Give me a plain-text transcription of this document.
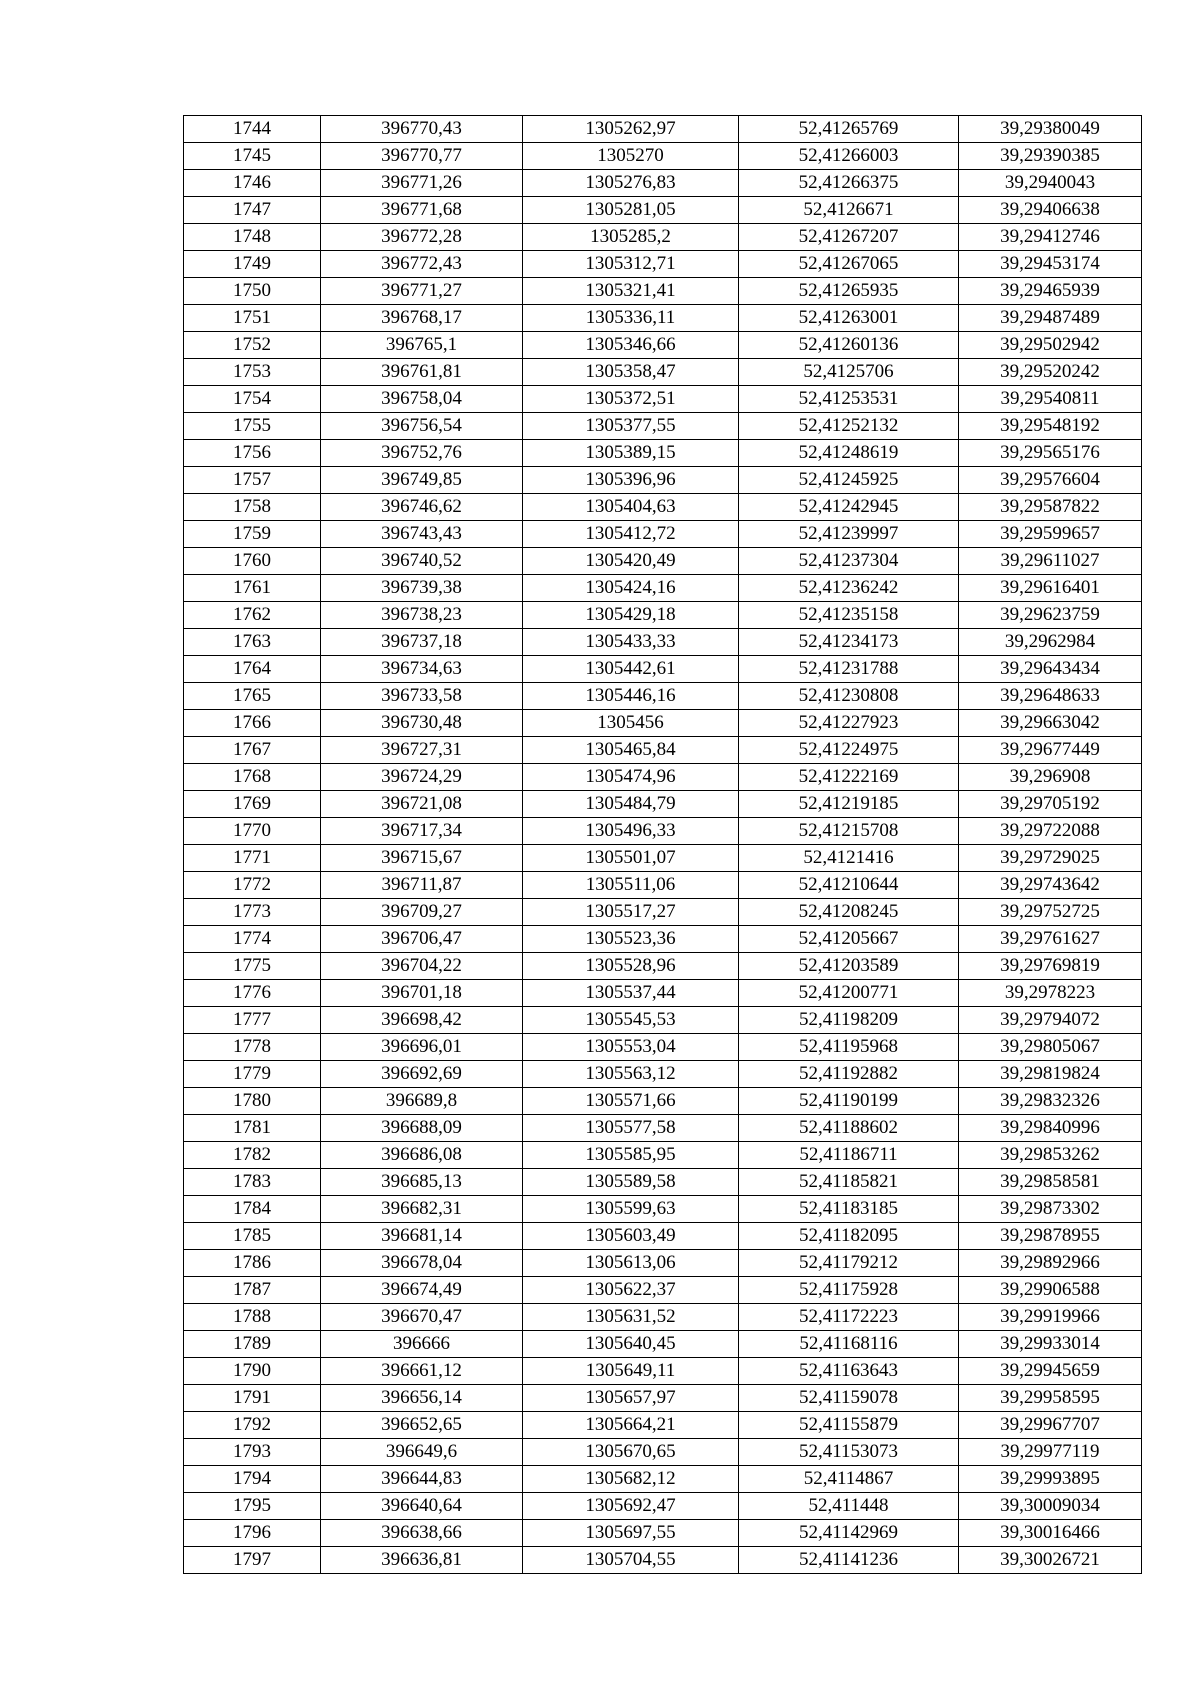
1744	396770,43	1305262,97	52,41265769	39,29380049
1745	396770,77	1305270	52,41266003	39,29390385
1746	396771,26	1305276,83	52,41266375	39,2940043
1747	396771,68	1305281,05	52,4126671	39,29406638
1748	396772,28	1305285,2	52,41267207	39,29412746
1749	396772,43	1305312,71	52,41267065	39,29453174
1750	396771,27	1305321,41	52,41265935	39,29465939
1751	396768,17	1305336,11	52,41263001	39,29487489
1752	396765,1	1305346,66	52,41260136	39,29502942
1753	396761,81	1305358,47	52,4125706	39,29520242
1754	396758,04	1305372,51	52,41253531	39,29540811
1755	396756,54	1305377,55	52,41252132	39,29548192
1756	396752,76	1305389,15	52,41248619	39,29565176
1757	396749,85	1305396,96	52,41245925	39,29576604
1758	396746,62	1305404,63	52,41242945	39,29587822
1759	396743,43	1305412,72	52,41239997	39,29599657
1760	396740,52	1305420,49	52,41237304	39,29611027
1761	396739,38	1305424,16	52,41236242	39,29616401
1762	396738,23	1305429,18	52,41235158	39,29623759
1763	396737,18	1305433,33	52,41234173	39,2962984
1764	396734,63	1305442,61	52,41231788	39,29643434
1765	396733,58	1305446,16	52,41230808	39,29648633
1766	396730,48	1305456	52,41227923	39,29663042
1767	396727,31	1305465,84	52,41224975	39,29677449
1768	396724,29	1305474,96	52,41222169	39,296908
1769	396721,08	1305484,79	52,41219185	39,29705192
1770	396717,34	1305496,33	52,41215708	39,29722088
1771	396715,67	1305501,07	52,4121416	39,29729025
1772	396711,87	1305511,06	52,41210644	39,29743642
1773	396709,27	1305517,27	52,41208245	39,29752725
1774	396706,47	1305523,36	52,41205667	39,29761627
1775	396704,22	1305528,96	52,41203589	39,29769819
1776	396701,18	1305537,44	52,41200771	39,2978223
1777	396698,42	1305545,53	52,41198209	39,29794072
1778	396696,01	1305553,04	52,41195968	39,29805067
1779	396692,69	1305563,12	52,41192882	39,29819824
1780	396689,8	1305571,66	52,41190199	39,29832326
1781	396688,09	1305577,58	52,41188602	39,29840996
1782	396686,08	1305585,95	52,41186711	39,29853262
1783	396685,13	1305589,58	52,41185821	39,29858581
1784	396682,31	1305599,63	52,41183185	39,29873302
1785	396681,14	1305603,49	52,41182095	39,29878955
1786	396678,04	1305613,06	52,41179212	39,29892966
1787	396674,49	1305622,37	52,41175928	39,29906588
1788	396670,47	1305631,52	52,41172223	39,29919966
1789	396666	1305640,45	52,41168116	39,29933014
1790	396661,12	1305649,11	52,41163643	39,29945659
1791	396656,14	1305657,97	52,41159078	39,29958595
1792	396652,65	1305664,21	52,41155879	39,29967707
1793	396649,6	1305670,65	52,41153073	39,29977119
1794	396644,83	1305682,12	52,4114867	39,29993895
1795	396640,64	1305692,47	52,411448	39,30009034
1796	396638,66	1305697,55	52,41142969	39,30016466
1797	396636,81	1305704,55	52,41141236	39,30026721
